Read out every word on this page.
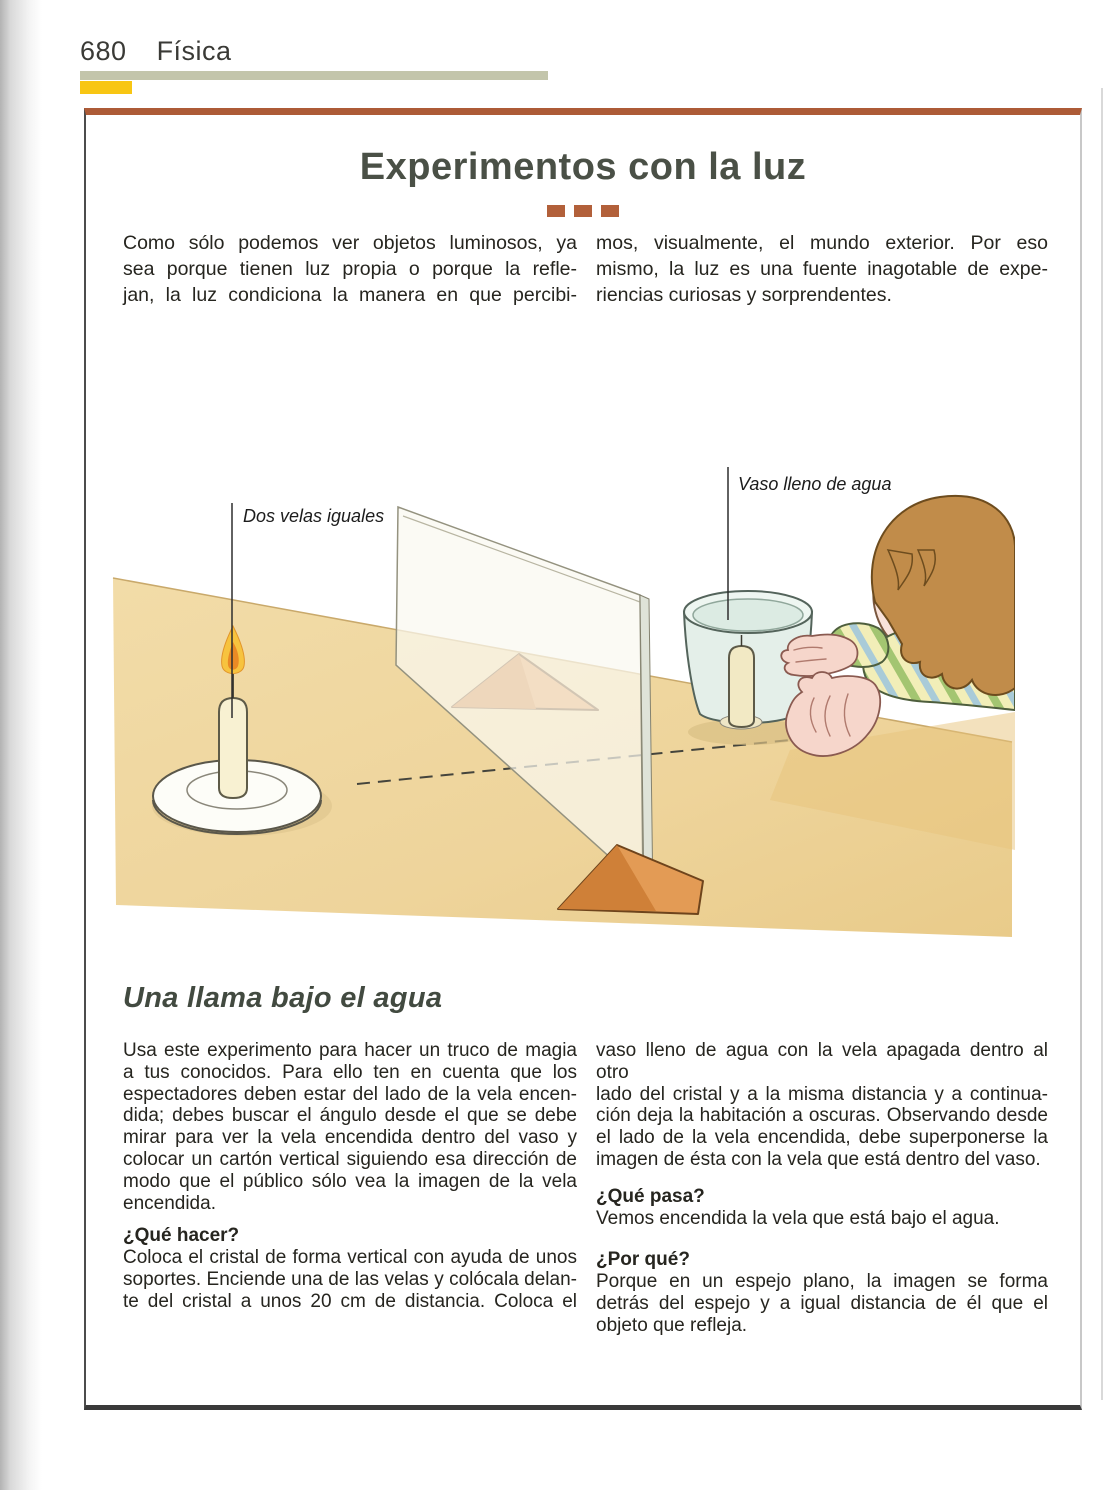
680 Física
Experimentos con la luz
Como sólo podemos ver objetos luminosos, ya
sea porque tienen luz propia o porque la refle-
jan, la luz condiciona la manera en que percibi-
mos, visualmente, el mundo exterior. Por eso
mismo, la luz es una fuente inagotable de expe-
riencias curiosas y sorprendentes.
Dos velas iguales
Vaso lleno de agua
Una llama bajo el agua
Usa este experimento para hacer un truco de magia
a tus conocidos. Para ello ten en cuenta que los
espectadores deben estar del lado de la vela encen-
dida; debes buscar el ángulo desde el que se debe
mirar para ver la vela encendida dentro del vaso y
colocar un cartón vertical siguiendo esa dirección de
modo que el público sólo vea la imagen de la vela
encendida.
¿Qué hacer?
Coloca el cristal de forma vertical con ayuda de unos
soportes. Enciende una de las velas y colócala delan-
te del cristal a unos 20 cm de distancia. Coloca el
vaso lleno de agua con la vela apagada dentro al otro
lado del cristal y a la misma distancia y a continua-
ción deja la habitación a oscuras. Observando desde
el lado de la vela encendida, debe superponerse la
imagen de ésta con la vela que está dentro del vaso.
¿Qué pasa?
Vemos encendida la vela que está bajo el agua.
¿Por qué?
Porque en un espejo plano, la imagen se forma
detrás del espejo y a igual distancia de él que el
objeto que refleja.
